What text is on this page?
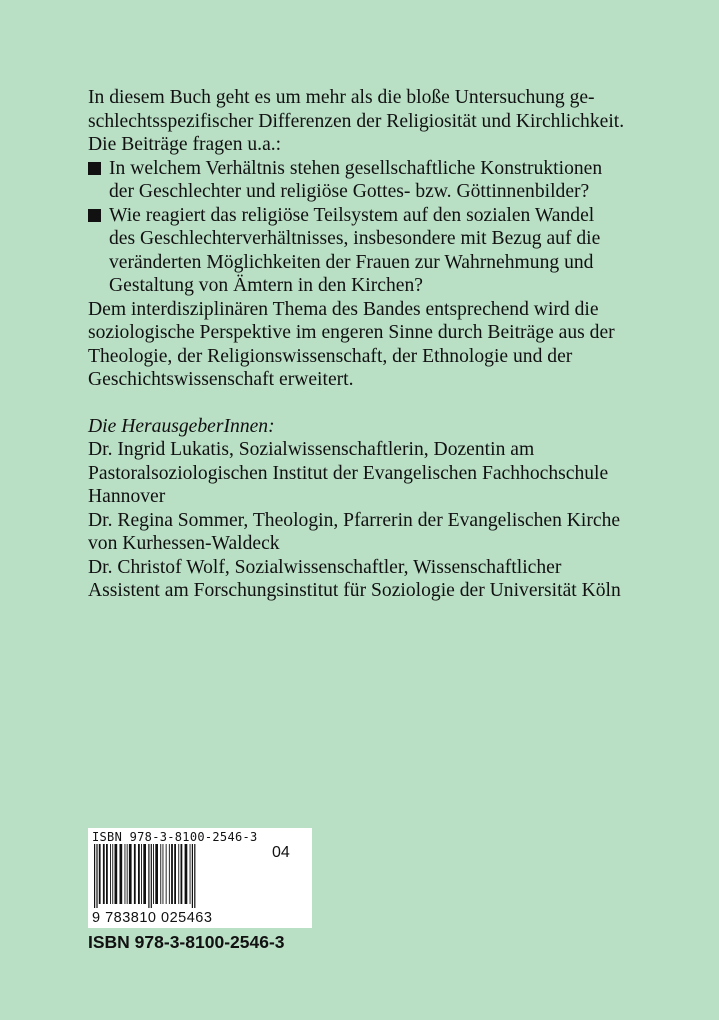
In diesem Buch geht es um mehr als die bloße Untersuchung ge-

schlechtsspezifischer Differenzen der Religiosität und Kirchlichkeit.

Die Beiträge fragen u.a.:

In welchem Verhältnis stehen gesellschaftliche Konstruktionen
der Geschlechter und religiöse Gottes- bzw. Göttinnenbilder?
Wie reagiert das religiöse Teilsystem auf den sozialen Wandel
des Geschlechterverhältnisses, insbesondere mit Bezug auf die
veränderten Möglichkeiten der Frauen zur Wahrnehmung und
Gestaltung von Ämtern in den Kirchen?

Dem interdisziplinären Thema des Bandes entsprechend wird die

soziologische Perspektive im engeren Sinne durch Beiträge aus der

Theologie, der Religionswissenschaft, der Ethnologie und der

Geschichtswissenschaft erweitert.

Die HerausgeberInnen:

Dr. Ingrid Lukatis, Sozialwissenschaftlerin, Dozentin am

Pastoralsoziologischen Institut der Evangelischen Fachhochschule

Hannover

Dr. Regina Sommer, Theologin, Pfarrerin der Evangelischen Kirche

von Kurhessen-Waldeck

Dr. Christof Wolf, Sozialwissenschaftler, Wissenschaftlicher

Assistent am Forschungsinstitut für Soziologie der Universität Köln

ISBN 978-3-8100-2546-3
04
9 783810 025463
ISBN 978-3-8100-2546-3
